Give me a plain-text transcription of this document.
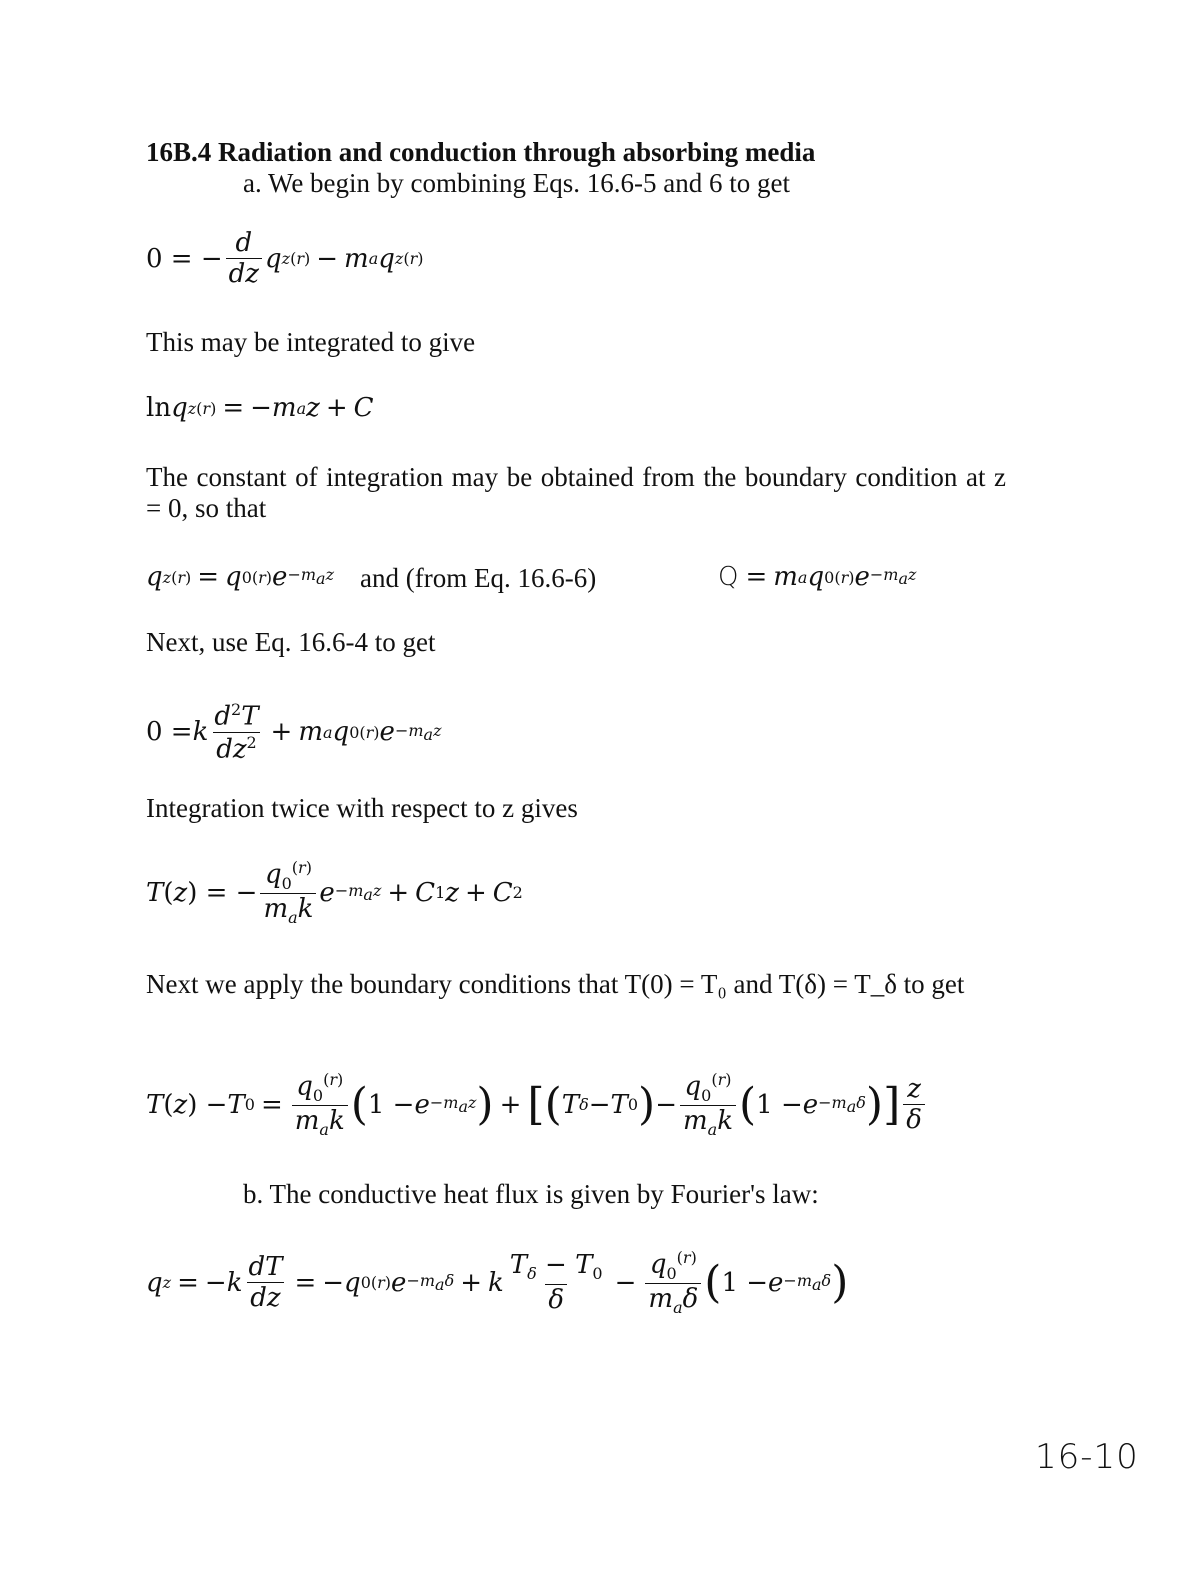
16B.4 Radiation and conduction through absorbing media
a. We begin by combining Eqs. 16.6-5 and 6 to get
0 = − $\frac{d}{dz}$ q z (r) − m a q z (r)
This may be integrated to give
ln q z (r) = − m a z + C
The constant of integration may be obtained from the boundary condition at z = 0, so that
q z (r) = q 0 (r) $e -m_az$ and (from Eq. 16.6-6)	Q = m a q 0 (r) $e -m_az$
Next, use Eq. 16.6-4 to get
0 = k $\frac{d^2T}{dz^2} + m$ a q 0 (r) $e -m_az$
Integration twice with respect to z gives
T ( z ) = − $\frac{q_0^{(r)}}{m_ak}$ $e -m_az + C$ 1 z + C 2
Next we apply the boundary conditions that T(0) = T₀ and T(δ) = T_δ to get
T ( z ) − T $0 = \frac{q_0^{(r)}}{m_ak}$ ( $1 - e -m_az$ ) + [ ( T δ − T 0 ) − $\frac{q_0^{(r)}}{m_ak}$ ( $1 - e -m_a\delta$ ) ] $\frac{z}{\delta}$
b. The conductive heat flux is given by Fourier's law:
q z = − k $\frac{dT}{dz}$ = − q 0 (r) $e -m_a\delta + k \frac{T_\delta - T_0}{\delta} - \frac{q_0^{(r)}}{m_a\delta}$ ( $1 - e -m_a\delta$ )
16-10
